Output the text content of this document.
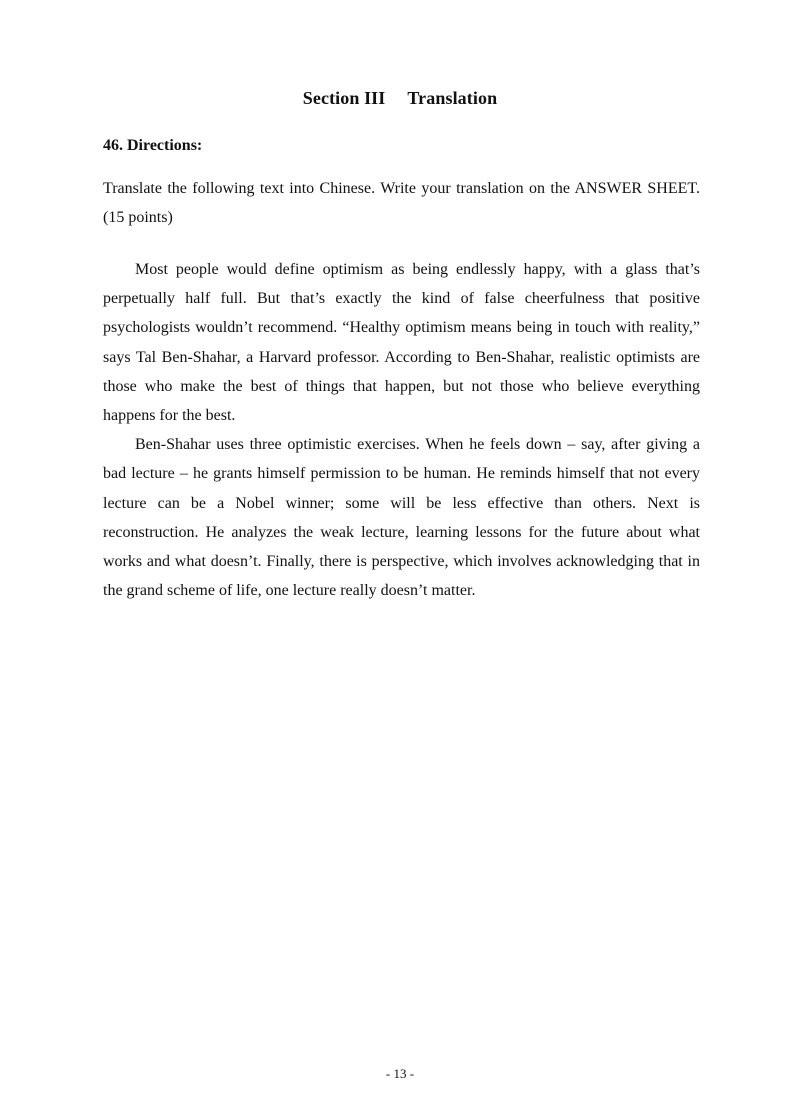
Section III Translation
46. Directions:
Translate the following text into Chinese. Write your translation on the ANSWER SHEET.(15 points)

Most people would define optimism as being endlessly happy, with a glass that’s perpetually half full. But that’s exactly the kind of false cheerfulness that positive psychologists wouldn’t recommend. “Healthy optimism means being in touch with reality,” says Tal Ben-Shahar, a Harvard professor. According to Ben-Shahar, realistic optimists are those who make the best of things that happen, but not those who believe everything happens for the best.

Ben-Shahar uses three optimistic exercises. When he feels down – say, after giving a bad lecture – he grants himself permission to be human. He reminds himself that not every lecture can be a Nobel winner; some will be less effective than others. Next is reconstruction. He analyzes the weak lecture, learning lessons for the future about what works and what doesn’t. Finally, there is perspective, which involves acknowledging that in the grand scheme of life, one lecture really doesn’t matter.

- 13 -
